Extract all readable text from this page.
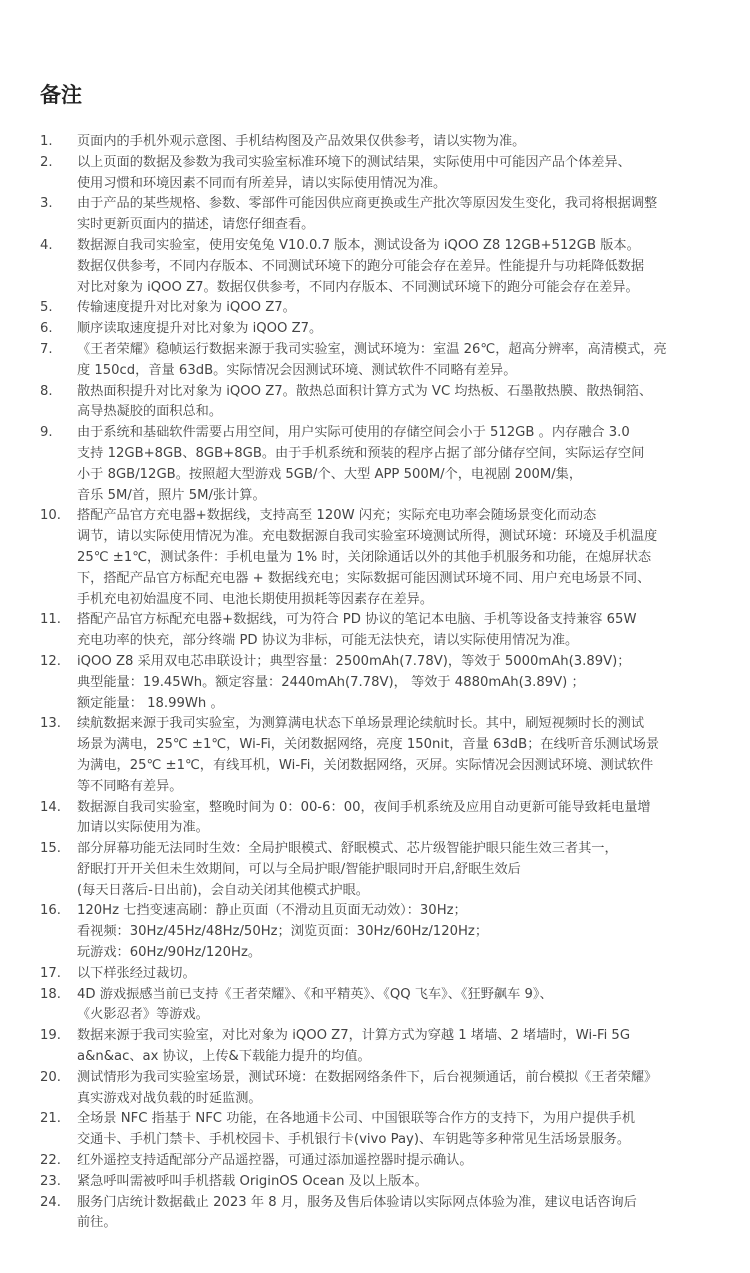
备注
1.	页面内的手机外观示意图、手机结构图及产品效果仅供参考，请以实物为准。
2.	以上页面的数据及参数为我司实验室标准环境下的测试结果，实际使用中可能因产品个体差异、
使用习惯和环境因素不同而有所差异，请以实际使用情况为准。
3.	由于产品的某些规格、参数、零部件可能因供应商更换或生产批次等原因发生变化，我司将根据调整
实时更新页面内的描述，请您仔细查看。
4.	数据源自我司实验室，使用安兔兔 V10.0.7 版本，测试设备为 iQOO Z8 12GB+512GB 版本。
数据仅供参考，不同内存版本、不同测试环境下的跑分可能会存在差异。性能提升与功耗降低数据
对比对象为 iQOO Z7。数据仅供参考，不同内存版本、不同测试环境下的跑分可能会存在差异。
5.	传输速度提升对比对象为 iQOO Z7。
6.	顺序读取速度提升对比对象为 iQOO Z7。
7.	《王者荣耀》稳帧运行数据来源于我司实验室，测试环境为：室温 26℃，超高分辨率，高清模式，亮
度 150cd，音量 63dB。实际情况会因测试环境、测试软件不同略有差异。
8.	散热面积提升对比对象为 iQOO Z7。散热总面积计算方式为 VC 均热板、石墨散热膜、散热铜箔、
高导热凝胶的面积总和。
9.	由于系统和基础软件需要占用空间，用户实际可使用的存储空间会小于 512GB 。内存融合 3.0
支持 12GB+8GB、8GB+8GB。由于手机系统和预装的程序占据了部分储存空间，实际运存空间
小于 8GB/12GB。按照超大型游戏 5GB/个、大型 APP 500M/个，电视剧 200M/集，
音乐 5M/首，照片 5M/张计算。
10.	搭配产品官方充电器+数据线，支持高至 120W 闪充；实际充电功率会随场景变化而动态
调节，请以实际使用情况为准。充电数据源自我司实验室环境测试所得，测试环境：环境及手机温度
25℃ ±1℃，测试条件：手机电量为 1% 时，关闭除通话以外的其他手机服务和功能，在熄屏状态
下，搭配产品官方标配充电器 + 数据线充电；实际数据可能因测试环境不同、用户充电场景不同、
手机充电初始温度不同、电池长期使用损耗等因素存在差异。
11.	搭配产品官方标配充电器+数据线，可为符合 PD 协议的笔记本电脑、手机等设备支持兼容 65W
充电功率的快充，部分终端 PD 协议为非标，可能无法快充，请以实际使用情况为准。
12.	iQOO Z8 采用双电芯串联设计；典型容量：2500mAh(7.78V)，等效于 5000mAh(3.89V)；
典型能量：19.45Wh。额定容量：2440mAh(7.78V)， 等效于 4880mAh(3.89V) ；
额定能量： 18.99Wh 。
13.	续航数据来源于我司实验室，为测算满电状态下单场景理论续航时长。其中，刷短视频时长的测试
场景为满电，25℃ ±1℃，Wi-Fi，关闭数据网络，亮度 150nit，音量 63dB；在线听音乐测试场景
为满电，25℃ ±1℃，有线耳机，Wi-Fi，关闭数据网络，灭屏。实际情况会因测试环境、测试软件
等不同略有差异。
14.	数据源自我司实验室，整晚时间为 0：00-6：00，夜间手机系统及应用自动更新可能导致耗电量增
加请以实际使用为准。
15.	部分屏幕功能无法同时生效：全局护眼模式、舒眠模式、芯片级智能护眼只能生效三者其一，
舒眠打开开关但未生效期间，可以与全局护眼/智能护眼同时开启,舒眠生效后
(每天日落后-日出前)，会自动关闭其他模式护眼。
16.	120Hz 七挡变速高刷：静止页面（不滑动且页面无动效）：30Hz；
看视频：30Hz/45Hz/48Hz/50Hz；浏览页面：30Hz/60Hz/120Hz；
玩游戏：60Hz/90Hz/120Hz。
17.	以下样张经过裁切。
18.	4D 游戏振感当前已支持《王者荣耀》、《和平精英》、《QQ 飞车》、《狂野飙车 9》、
《火影忍者》等游戏。
19.	数据来源于我司实验室，对比对象为 iQOO Z7，计算方式为穿越 1 堵墙、2 堵墙时，Wi-Fi 5G
a&n&ac、ax 协议，上传&下载能力提升的均值。
20.	测试情形为我司实验室场景，测试环境：在数据网络条件下，后台视频通话，前台模拟《王者荣耀》
真实游戏对战负载的时延监测。
21.	全场景 NFC 指基于 NFC 功能，在各地通卡公司、中国银联等合作方的支持下，为用户提供手机
交通卡、手机门禁卡、手机校园卡、手机银行卡(vivo Pay)、车钥匙等多种常见生活场景服务。
22.	红外遥控支持适配部分产品遥控器，可通过添加遥控器时提示确认。
23.	紧急呼叫需被呼叫手机搭载 OriginOS Ocean 及以上版本。
24.	服务门店统计数据截止 2023 年 8 月，服务及售后体验请以实际网点体验为准，建议电话咨询后
前往。
